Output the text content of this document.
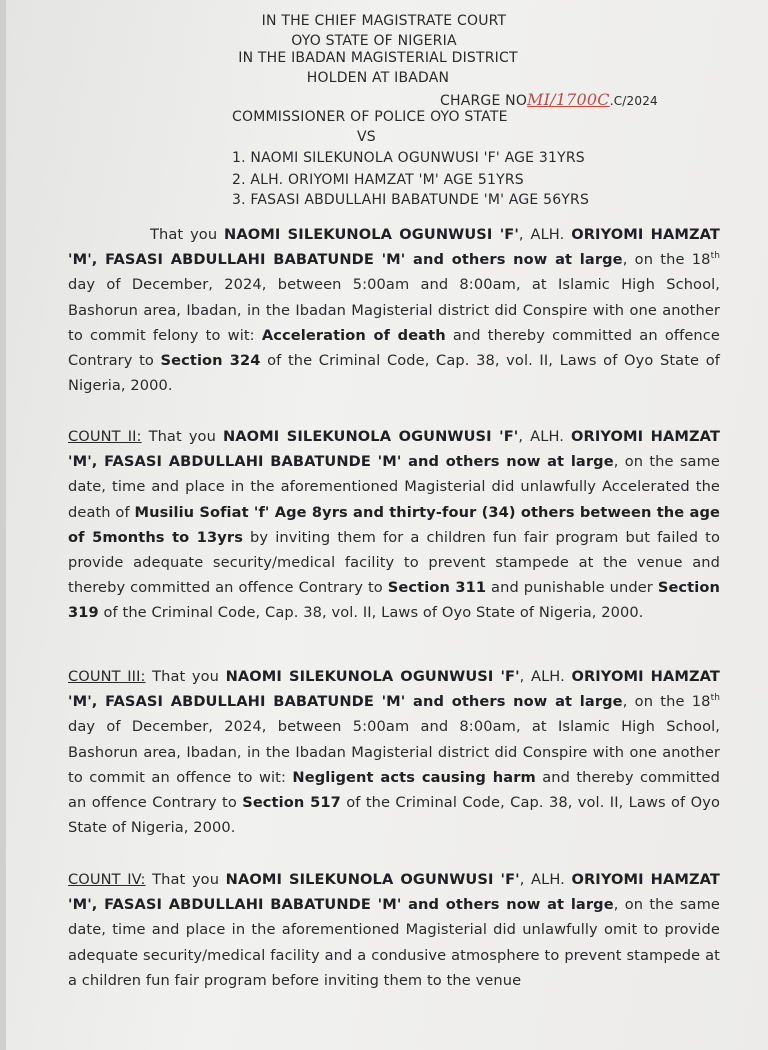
IN THE CHIEF MAGISTRATE COURT
OYO STATE OF NIGERIA
IN THE IBADAN MAGISTERIAL DISTRICT
HOLDEN AT IBADAN
CHARGE NOMI/1700C.C/2024
COMMISSIONER OF POLICE OYO STATE
VS
1. NAOMI SILEKUNOLA OGUNWUSI 'F' AGE 31YRS
2. ALH. ORIYOMI HAMZAT 'M' AGE 51YRS
3. FASASI ABDULLAHI BABATUNDE 'M' AGE 56YRS
That you NAOMI SILEKUNOLA OGUNWUSI 'F', ALH. ORIYOMI HAMZAT 'M', FASASI ABDULLAHI BABATUNDE 'M' and others now at large, on the 18th day of December, 2024, between 5:00am and 8:00am, at Islamic High School, Bashorun area, Ibadan, in the Ibadan Magisterial district did Conspire with one another to commit felony to wit: Acceleration of death and thereby committed an offence Contrary to Section 324 of the Criminal Code, Cap. 38, vol. II, Laws of Oyo State of Nigeria, 2000.
COUNT II: That you NAOMI SILEKUNOLA OGUNWUSI 'F', ALH. ORIYOMI HAMZAT 'M', FASASI ABDULLAHI BABATUNDE 'M' and others now at large, on the same date, time and place in the aforementioned Magisterial did unlawfully Accelerated the death of Musiliu Sofiat 'f' Age 8yrs and thirty-four (34) others between the age of 5months to 13yrs by inviting them for a children fun fair program but failed to provide adequate security/medical facility to prevent stampede at the venue and thereby committed an offence Contrary to Section 311 and punishable under Section 319 of the Criminal Code, Cap. 38, vol. II, Laws of Oyo State of Nigeria, 2000.
COUNT III: That you NAOMI SILEKUNOLA OGUNWUSI 'F', ALH. ORIYOMI HAMZAT 'M', FASASI ABDULLAHI BABATUNDE 'M' and others now at large, on the 18th day of December, 2024, between 5:00am and 8:00am, at Islamic High School, Bashorun area, Ibadan, in the Ibadan Magisterial district did Conspire with one another to commit an offence to wit: Negligent acts causing harm and thereby committed an offence Contrary to Section 517 of the Criminal Code, Cap. 38, vol. II, Laws of Oyo State of Nigeria, 2000.
COUNT IV: That you NAOMI SILEKUNOLA OGUNWUSI 'F', ALH. ORIYOMI HAMZAT 'M', FASASI ABDULLAHI BABATUNDE 'M' and others now at large, on the same date, time and place in the aforementioned Magisterial did unlawfully omit to provide adequate security/medical facility and a condusive atmosphere to prevent stampede at a children fun fair program before inviting them to the venue
